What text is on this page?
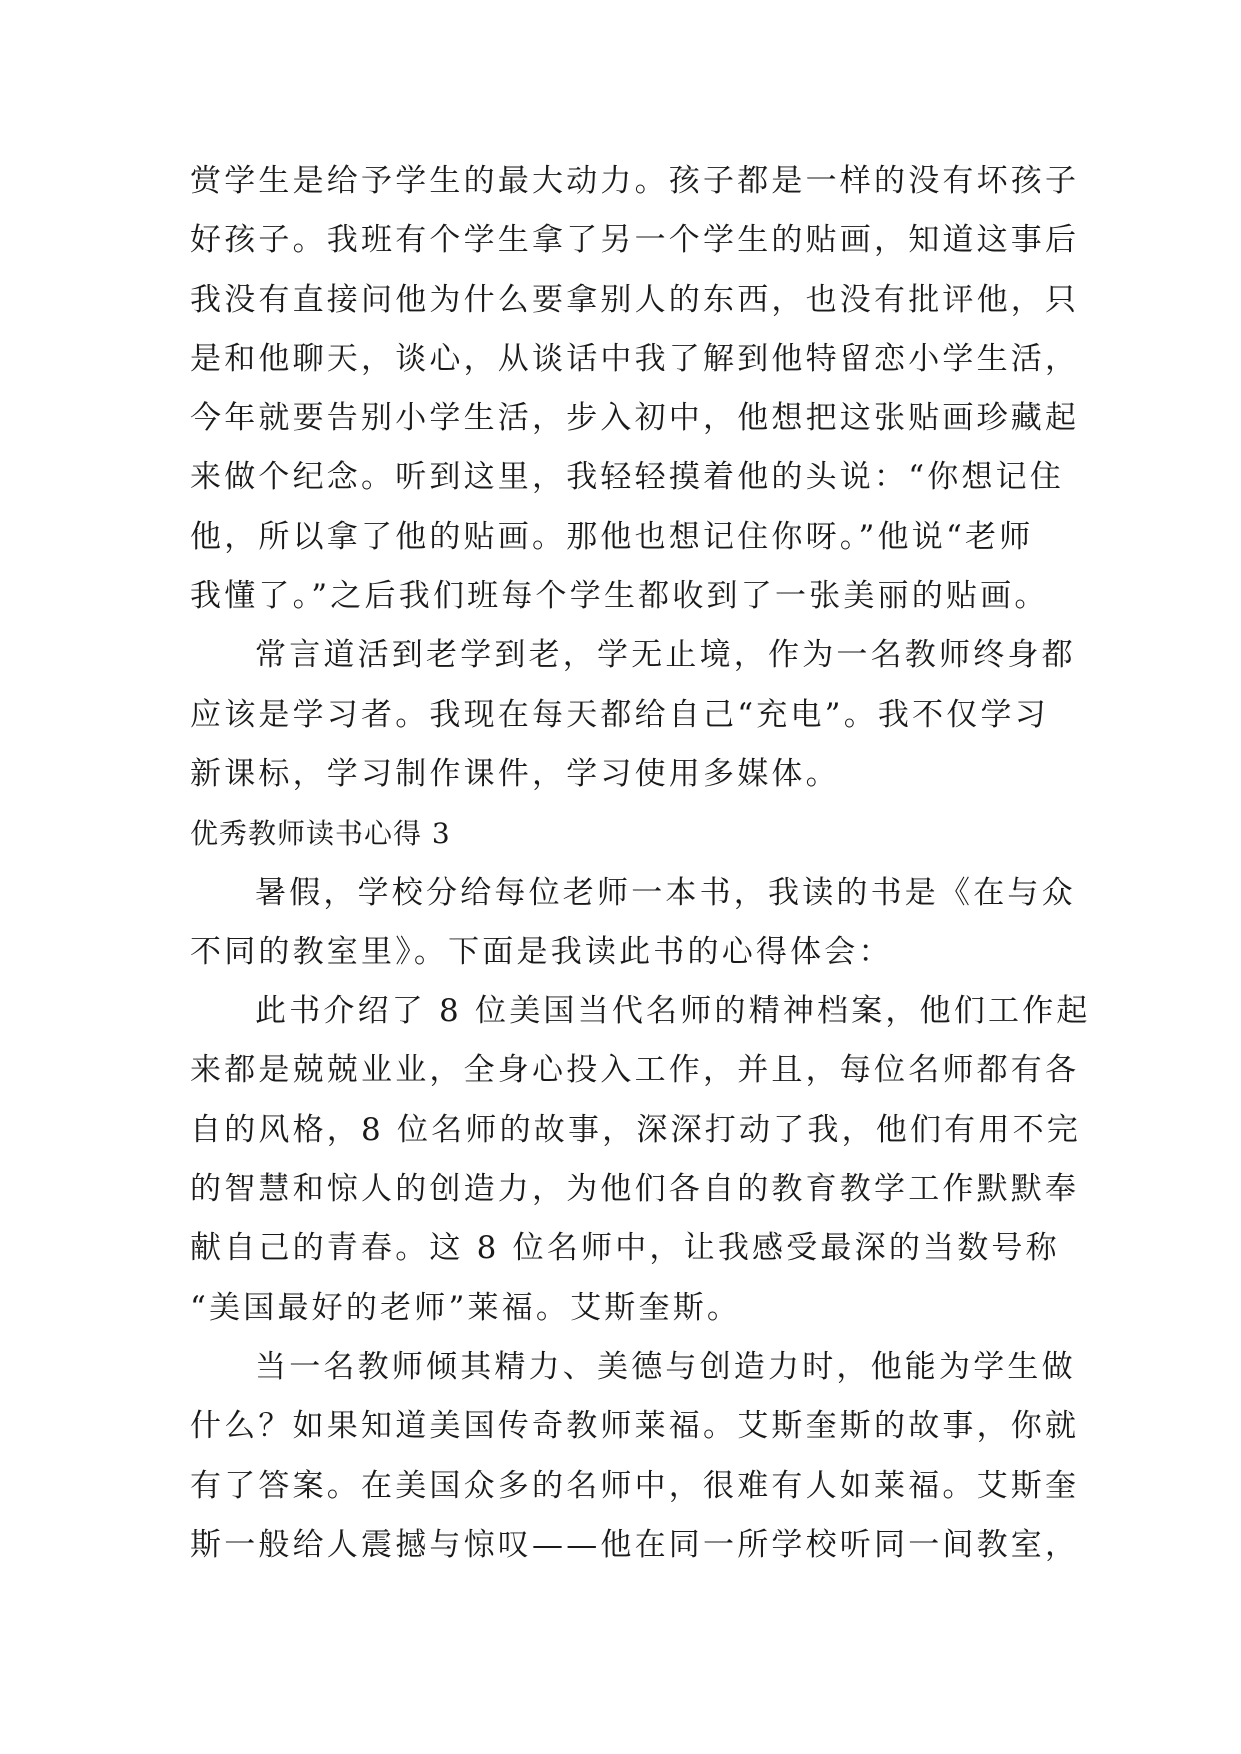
赏学生是给予学生的最大动力。孩子都是一样的没有坏孩子
好孩子。我班有个学生拿了另一个学生的贴画，知道这事后
我没有直接问他为什么要拿别人的东西，也没有批评他，只
是和他聊天，谈心，从谈话中我了解到他特留恋小学生活，
今年就要告别小学生活，步入初中，他想把这张贴画珍藏起
来做个纪念。听到这里，我轻轻摸着他的头说：“你想记住
他，所以拿了他的贴画。那他也想记住你呀。”他说“老师
我懂了。”之后我们班每个学生都收到了一张美丽的贴画。
常言道活到老学到老，学无止境，作为一名教师终身都
应该是学习者。我现在每天都给自己“充电”。我不仅学习
新课标，学习制作课件，学习使用多媒体。
优秀教师读书心得 3
暑假，学校分给每位老师一本书，我读的书是《在与众
不同的教室里》。下面是我读此书的心得体会：
此书介绍了 8 位美国当代名师的精神档案，他们工作起
来都是兢兢业业，全身心投入工作，并且，每位名师都有各
自的风格，8 位名师的故事，深深打动了我，他们有用不完
的智慧和惊人的创造力，为他们各自的教育教学工作默默奉
献自己的青春。这 8 位名师中，让我感受最深的当数号称
“美国最好的老师”莱福。艾斯奎斯。
当一名教师倾其精力、美德与创造力时，他能为学生做
什么？如果知道美国传奇教师莱福。艾斯奎斯的故事，你就
有了答案。在美国众多的名师中，很难有人如莱福。艾斯奎
斯一般给人震撼与惊叹——他在同一所学校听同一间教室，
